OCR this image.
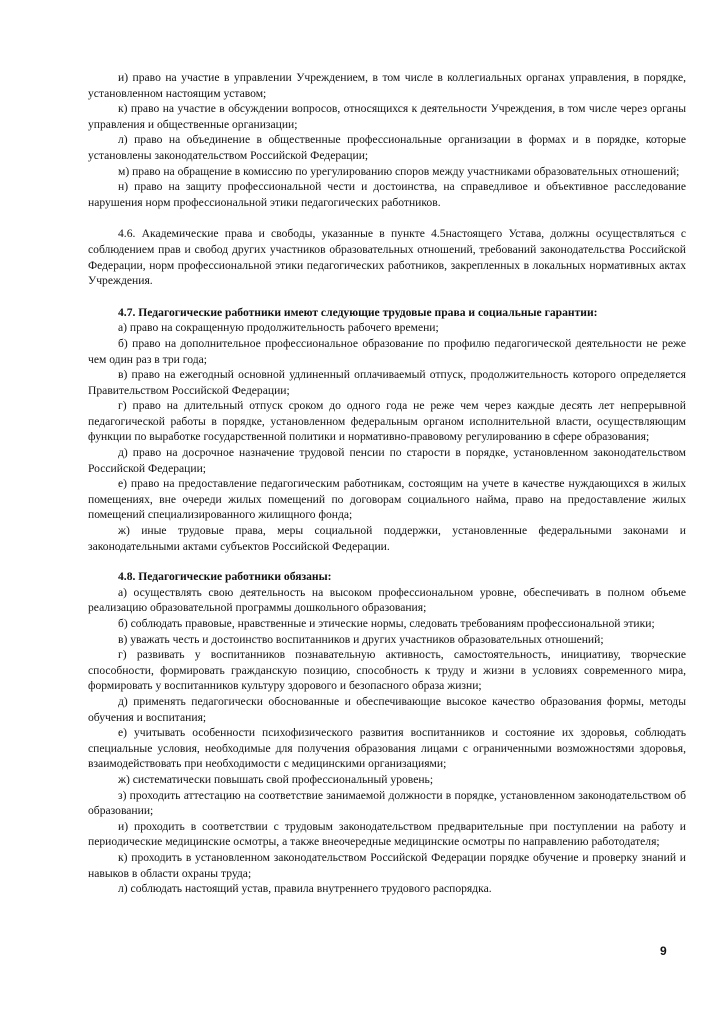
и) право на участие в управлении Учреждением, в том числе в коллегиальных органах управления, в порядке, установленном настоящим уставом;

к) право на участие в обсуждении вопросов, относящихся к деятельности Учреждения, в том числе через органы управления и общественные организации;

л) право на объединение в общественные профессиональные организации в формах и в порядке, которые установлены законодательством Российской Федерации;

м) право на обращение в комиссию по урегулированию споров между участниками образовательных отношений;

н) право на защиту профессиональной чести и достоинства, на справедливое и объективное расследование нарушения норм профессиональной этики педагогических работников.

4.6. Академические права и свободы, указанные в пункте 4.5настоящего Устава, должны осуществляться с соблюдением прав и свобод других участников образовательных отношений, требований законодательства Российской Федерации, норм профессиональной этики педагогических работников, закрепленных в локальных нормативных актах Учреждения.

4.7. Педагогические работники имеют следующие трудовые права и социальные гарантии:

а) право на сокращенную продолжительность рабочего времени;

б) право на дополнительное профессиональное образование по профилю педагогической деятельности не реже чем один раз в три года;

в) право на ежегодный основной удлиненный оплачиваемый отпуск, продолжительность которого определяется Правительством Российской Федерации;

г) право на длительный отпуск сроком до одного года не реже чем через каждые десять лет непрерывной педагогической работы в порядке, установленном федеральным органом исполнительной власти, осуществляющим функции по выработке государственной политики и нормативно-правовому регулированию в сфере образования;

д) право на досрочное назначение трудовой пенсии по старости в порядке, установленном законодательством Российской Федерации;

е) право на предоставление педагогическим работникам, состоящим на учете в качестве нуждающихся в жилых помещениях, вне очереди жилых помещений по договорам социального найма, право на предоставление жилых помещений специализированного жилищного фонда;

ж) иные трудовые права, меры социальной поддержки, установленные федеральными законами и законодательными актами субъектов Российской Федерации.

4.8. Педагогические работники обязаны:

а) осуществлять свою деятельность на высоком профессиональном уровне, обеспечивать в полном объеме реализацию образовательной программы дошкольного образования;

б) соблюдать правовые, нравственные и этические нормы, следовать требованиям профессиональной этики;

в) уважать честь и достоинство воспитанников и других участников образовательных отношений;

г) развивать у воспитанников познавательную активность, самостоятельность, инициативу, творческие способности, формировать гражданскую позицию, способность к труду и жизни в условиях современного мира, формировать у воспитанников культуру здорового и безопасного образа жизни;

д) применять педагогически обоснованные и обеспечивающие высокое качество образования формы, методы обучения и воспитания;

е) учитывать особенности психофизического развития воспитанников и состояние их здоровья, соблюдать специальные условия, необходимые для получения образования лицами с ограниченными возможностями здоровья, взаимодействовать при необходимости с медицинскими организациями;

ж) систематически повышать свой профессиональный уровень;

з) проходить аттестацию на соответствие занимаемой должности в порядке, установленном законодательством об образовании;

и) проходить в соответствии с трудовым законодательством предварительные при поступлении на работу и периодические медицинские осмотры, а также внеочередные медицинские осмотры по направлению работодателя;

к) проходить в установленном законодательством Российской Федерации порядке обучение и проверку знаний и навыков в области охраны труда;

л) соблюдать настоящий устав, правила внутреннего трудового распорядка.

9
